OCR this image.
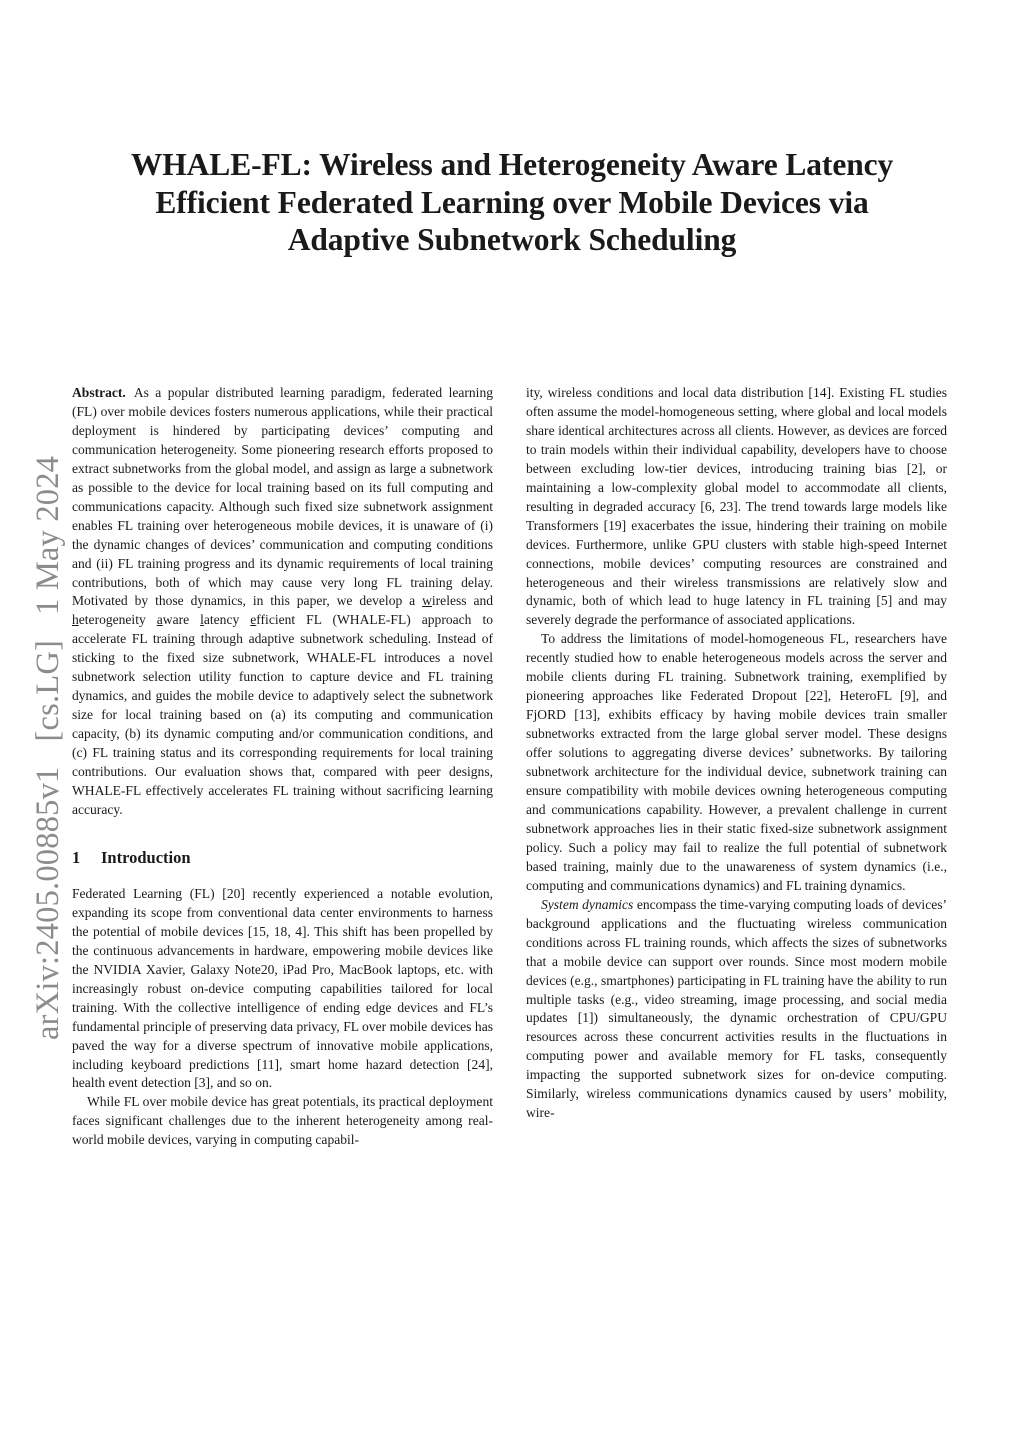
WHALE-FL: Wireless and Heterogeneity Aware Latency
Efficient Federated Learning over Mobile Devices via
Adaptive Subnetwork Scheduling
arXiv:2405.00885v1   [cs.LG]   1 May 2024

Abstract. As a popular distributed learning paradigm, federated learning (FL) over mobile devices fosters numerous applications, while their practical deployment is hindered by participating devices’ computing and communication heterogeneity. Some pioneering research efforts proposed to extract subnetworks from the global model, and assign as large a subnetwork as possible to the device for local training based on its full computing and communications capacity. Although such fixed size subnetwork assignment enables FL training over heterogeneous mobile devices, it is unaware of (i) the dynamic changes of devices’ communication and computing conditions and (ii) FL training progress and its dynamic requirements of local training contributions, both of which may cause very long FL training delay. Motivated by those dynamics, in this paper, we develop a wireless and heterogeneity aware latency efficient FL (WHALE-FL) approach to accelerate FL training through adaptive subnetwork scheduling. Instead of sticking to the fixed size subnetwork, WHALE-FL introduces a novel subnetwork selection utility function to capture device and FL training dynamics, and guides the mobile device to adaptively select the subnetwork size for local training based on (a) its computing and communication capacity, (b) its dynamic computing and/or communication conditions, and (c) FL training status and its corresponding requirements for local training contributions. Our evaluation shows that, compared with peer designs, WHALE-FL effectively accelerates FL training without sacrificing learning accuracy.

1 Introduction

Federated Learning (FL) [20] recently experienced a notable evolution, expanding its scope from conventional data center environments to harness the potential of mobile devices [15, 18, 4]. This shift has been propelled by the continuous advancements in hardware, empowering mobile devices like the NVIDIA Xavier, Galaxy Note20, iPad Pro, MacBook laptops, etc. with increasingly robust on-device computing capabilities tailored for local training. With the collective intelligence of ending edge devices and FL’s fundamental principle of preserving data privacy, FL over mobile devices has paved the way for a diverse spectrum of innovative mobile applications, including keyboard predictions [11], smart home hazard detection [24], health event detection [3], and so on.

While FL over mobile device has great potentials, its practical deployment faces significant challenges due to the inherent heterogeneity among real-world mobile devices, varying in computing capabil-

ity, wireless conditions and local data distribution [14]. Existing FL studies often assume the model-homogeneous setting, where global and local models share identical architectures across all clients. However, as devices are forced to train models within their individual capability, developers have to choose between excluding low-tier devices, introducing training bias [2], or maintaining a low-complexity global model to accommodate all clients, resulting in degraded accuracy [6, 23]. The trend towards large models like Transformers [19] exacerbates the issue, hindering their training on mobile devices. Furthermore, unlike GPU clusters with stable high-speed Internet connections, mobile devices’ computing resources are constrained and heterogeneous and their wireless transmissions are relatively slow and dynamic, both of which lead to huge latency in FL training [5] and may severely degrade the performance of associated applications.

To address the limitations of model-homogeneous FL, researchers have recently studied how to enable heterogeneous models across the server and mobile clients during FL training. Subnetwork training, exemplified by pioneering approaches like Federated Dropout [22], HeteroFL [9], and FjORD [13], exhibits efficacy by having mobile devices train smaller subnetworks extracted from the large global server model. These designs offer solutions to aggregating diverse devices’ subnetworks. By tailoring subnetwork architecture for the individual device, subnetwork training can ensure compatibility with mobile devices owning heterogeneous computing and communications capability. However, a prevalent challenge in current subnetwork approaches lies in their static fixed-size subnetwork assignment policy. Such a policy may fail to realize the full potential of subnetwork based training, mainly due to the unawareness of system dynamics (i.e., computing and communications dynamics) and FL training dynamics.

System dynamics encompass the time-varying computing loads of devices’ background applications and the fluctuating wireless communication conditions across FL training rounds, which affects the sizes of subnetworks that a mobile device can support over rounds. Since most modern mobile devices (e.g., smartphones) participating in FL training have the ability to run multiple tasks (e.g., video streaming, image processing, and social media updates [1]) simultaneously, the dynamic orchestration of CPU/GPU resources across these concurrent activities results in the fluctuations in computing power and available memory for FL tasks, consequently impacting the supported subnetwork sizes for on-device computing. Similarly, wireless communications dynamics caused by users’ mobility, wire-
